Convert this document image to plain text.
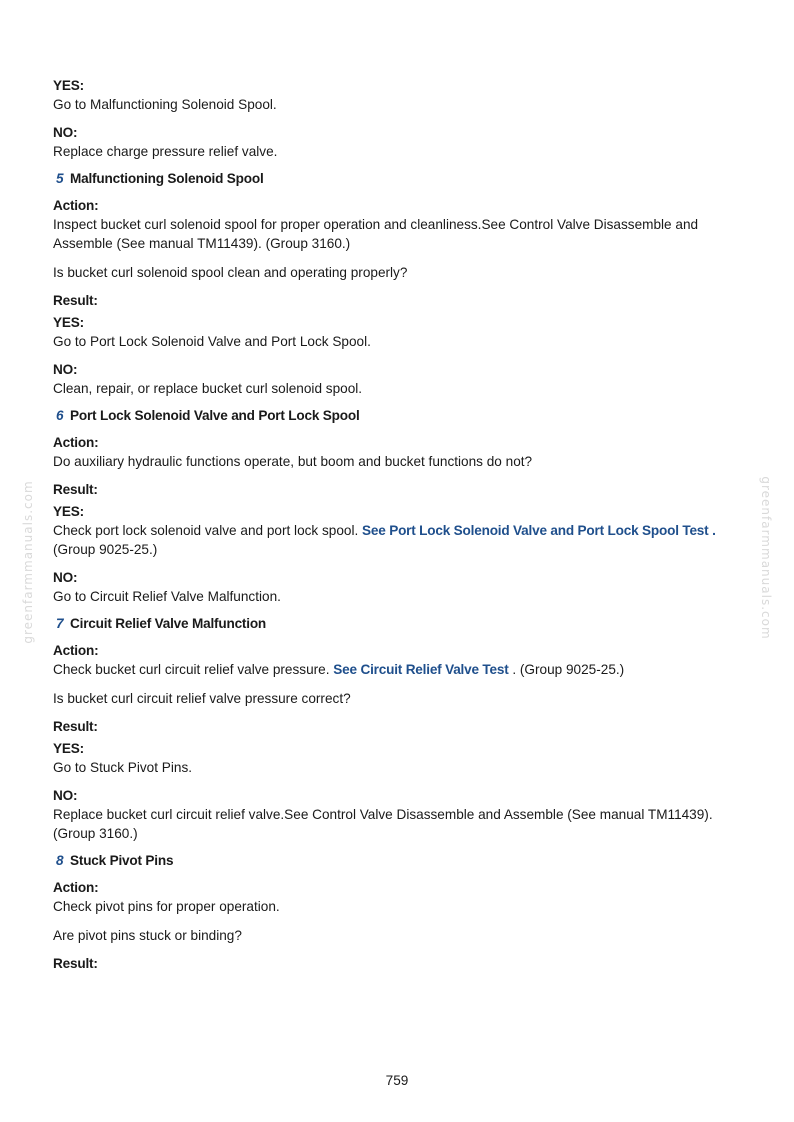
greenfarmmanuals.com	greenfarmmanuals.com

YES:

Go to Malfunctioning Solenoid Spool.

NO:

Replace charge pressure relief valve.

5 Malfunctioning Solenoid Spool

Action:

Inspect bucket curl solenoid spool for proper operation and cleanliness.See Control Valve Disassemble and Assemble (See manual TM11439). (Group 3160.)

Is bucket curl solenoid spool clean and operating properly?

Result:

YES:

Go to Port Lock Solenoid Valve and Port Lock Spool.

NO:

Clean, repair, or replace bucket curl solenoid spool.

6 Port Lock Solenoid Valve and Port Lock Spool

Action:

Do auxiliary hydraulic functions operate, but boom and bucket functions do not?

Result:

YES:

Check port lock solenoid valve and port lock spool. See Port Lock Solenoid Valve and Port Lock Spool Test .
(Group 9025-25.)

NO:

Go to Circuit Relief Valve Malfunction.

7 Circuit Relief Valve Malfunction

Action:

Check bucket curl circuit relief valve pressure. See Circuit Relief Valve Test . (Group 9025-25.)

Is bucket curl circuit relief valve pressure correct?

Result:

YES:

Go to Stuck Pivot Pins.

NO:

Replace bucket curl circuit relief valve.See Control Valve Disassemble and Assemble (See manual TM11439). (Group 3160.)

8 Stuck Pivot Pins

Action:

Check pivot pins for proper operation.

Are pivot pins stuck or binding?

Result:

759
